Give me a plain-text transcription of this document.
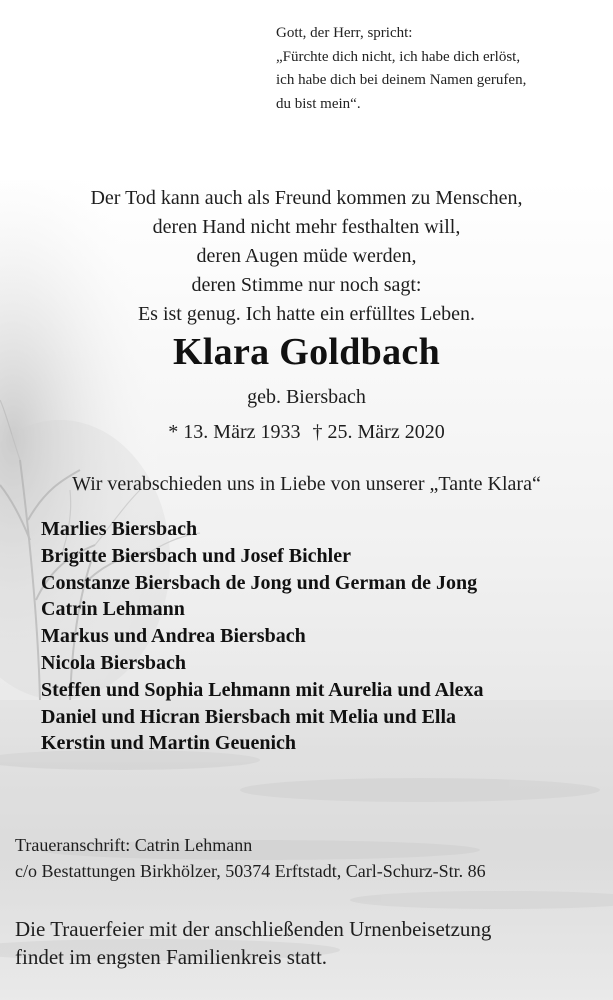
Gott, der Herr, spricht:
„Fürchte dich nicht, ich habe dich erlöst,
ich habe dich bei deinem Namen gerufen,
du bist mein“.
Der Tod kann auch als Freund kommen zu Menschen,
deren Hand nicht mehr festhalten will,
deren Augen müde werden,
deren Stimme nur noch sagt:
Es ist genug. Ich hatte ein erfülltes Leben.
Klara Goldbach
geb. Biersbach
* 13. März 1933 † 25. März 2020
Wir verabschieden uns in Liebe von unserer „Tante Klara“
Marlies Biersbach
Brigitte Biersbach und Josef Bichler
Constanze Biersbach de Jong und German de Jong
Catrin Lehmann
Markus und Andrea Biersbach
Nicola Biersbach
Steffen und Sophia Lehmann mit Aurelia und Alexa
Daniel und Hicran Biersbach mit Melia und Ella
Kerstin und Martin Geuenich
Traueranschrift: Catrin Lehmann
c/o Bestattungen Birkhölzer, 50374 Erftstadt, Carl-Schurz-Str. 86
Die Trauerfeier mit der anschließenden Urnenbeisetzung
findet im engsten Familienkreis statt.
